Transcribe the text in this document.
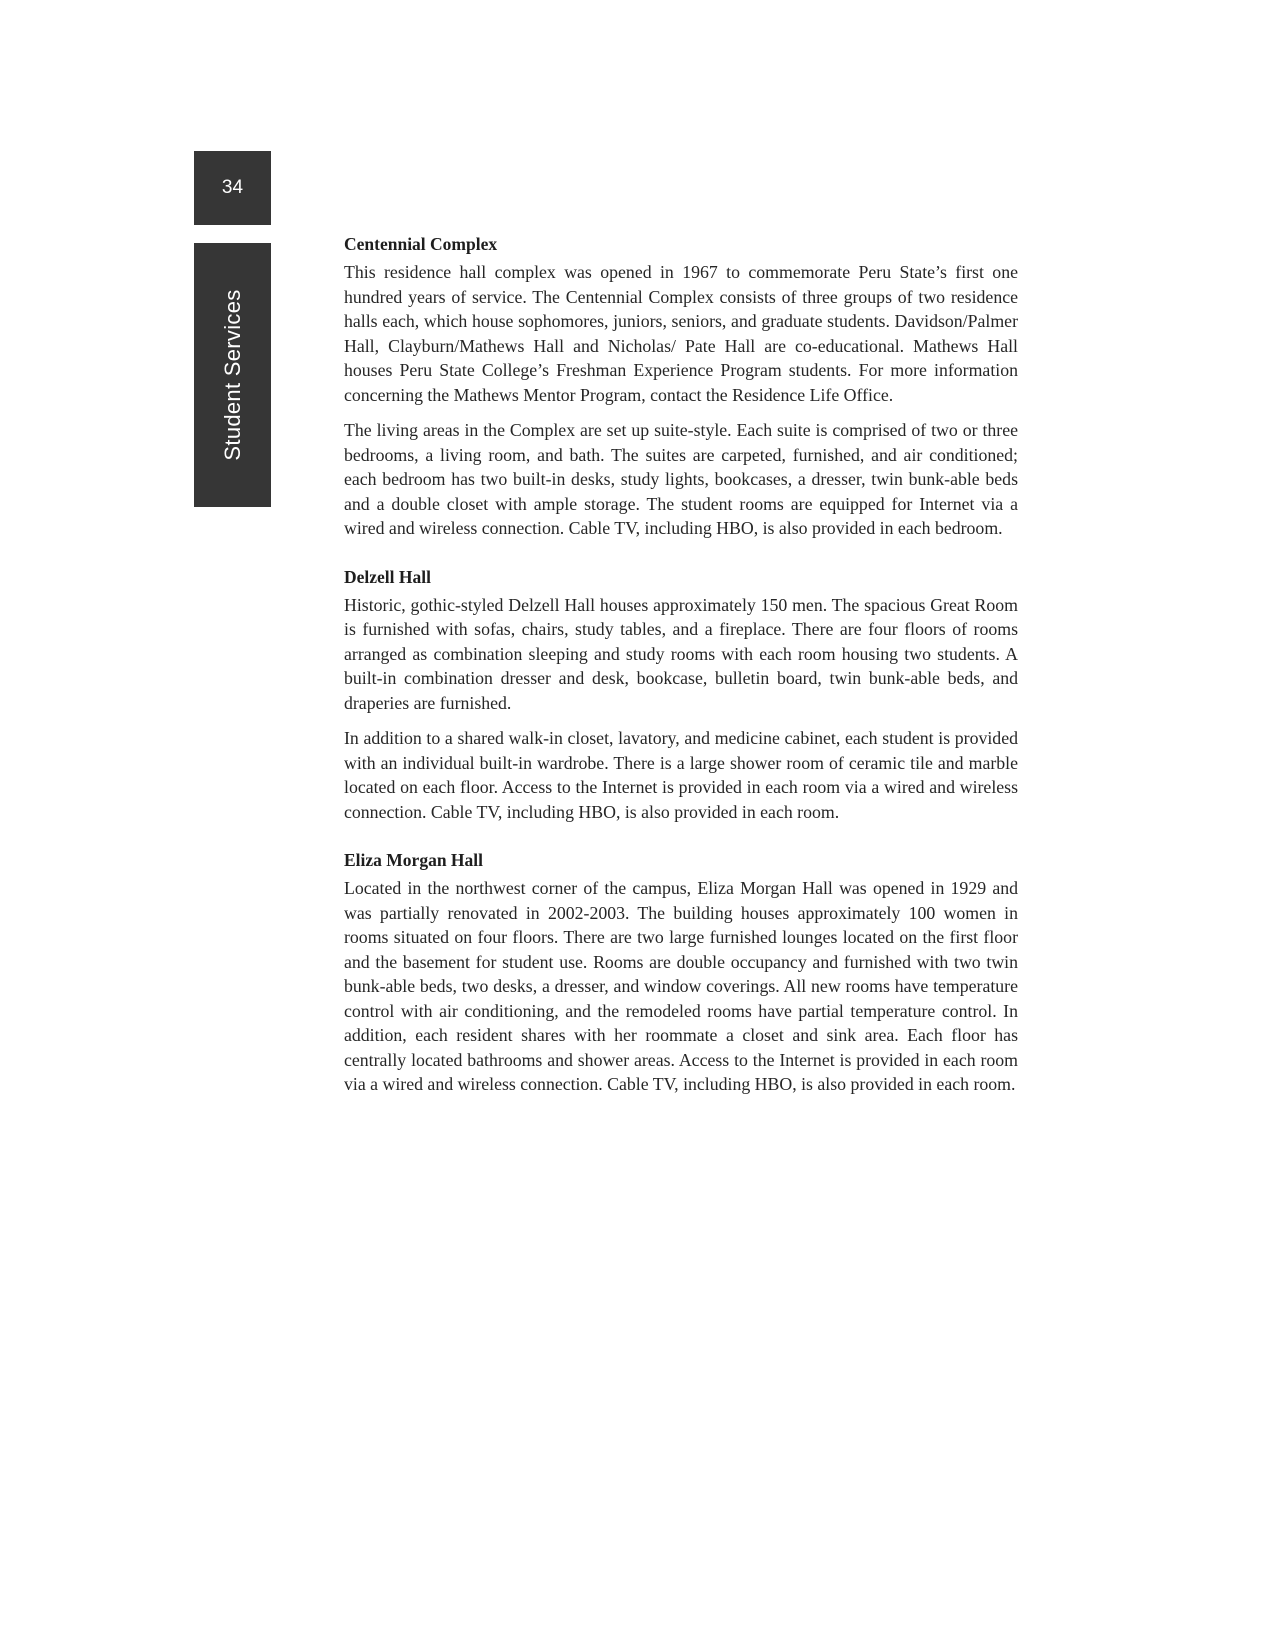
34
Student Services
Centennial Complex

This residence hall complex was opened in 1967 to commemorate Peru State’s first one hundred years of service. The Centennial Complex consists of three groups of two residence halls each, which house sophomores, juniors, seniors, and graduate students. Davidson/Palmer Hall, Clayburn/Mathews Hall and Nicholas/ Pate Hall are co-educational. Mathews Hall houses Peru State College’s Freshman Experience Program students. For more information concerning the Mathews Mentor Program, contact the Residence Life Office.

The living areas in the Complex are set up suite-style. Each suite is comprised of two or three bedrooms, a living room, and bath. The suites are carpeted, furnished, and air conditioned; each bedroom has two built-in desks, study lights, bookcases, a dresser, twin bunk-able beds and a double closet with ample storage. The student rooms are equipped for Internet via a wired and wireless connection. Cable TV, including HBO, is also provided in each bedroom.

Delzell Hall

Historic, gothic-styled Delzell Hall houses approximately 150 men. The spacious Great Room is furnished with sofas, chairs, study tables, and a fireplace. There are four floors of rooms arranged as combination sleeping and study rooms with each room housing two students. A built-in combination dresser and desk, bookcase, bulletin board, twin bunk-able beds, and draperies are furnished.

In addition to a shared walk-in closet, lavatory, and medicine cabinet, each student is provided with an individual built-in wardrobe. There is a large shower room of ceramic tile and marble located on each floor. Access to the Internet is provided in each room via a wired and wireless connection. Cable TV, including HBO, is also provided in each room.

Eliza Morgan Hall

Located in the northwest corner of the campus, Eliza Morgan Hall was opened in 1929 and was partially renovated in 2002-2003. The building houses approximately 100 women in rooms situated on four floors. There are two large furnished lounges located on the first floor and the basement for student use. Rooms are double occupancy and furnished with two twin bunk-able beds, two desks, a dresser, and window coverings. All new rooms have temperature control with air conditioning, and the remodeled rooms have partial temperature control. In addition, each resident shares with her roommate a closet and sink area. Each floor has centrally located bathrooms and shower areas. Access to the Internet is provided in each room via a wired and wireless connection. Cable TV, including HBO, is also provided in each room.
